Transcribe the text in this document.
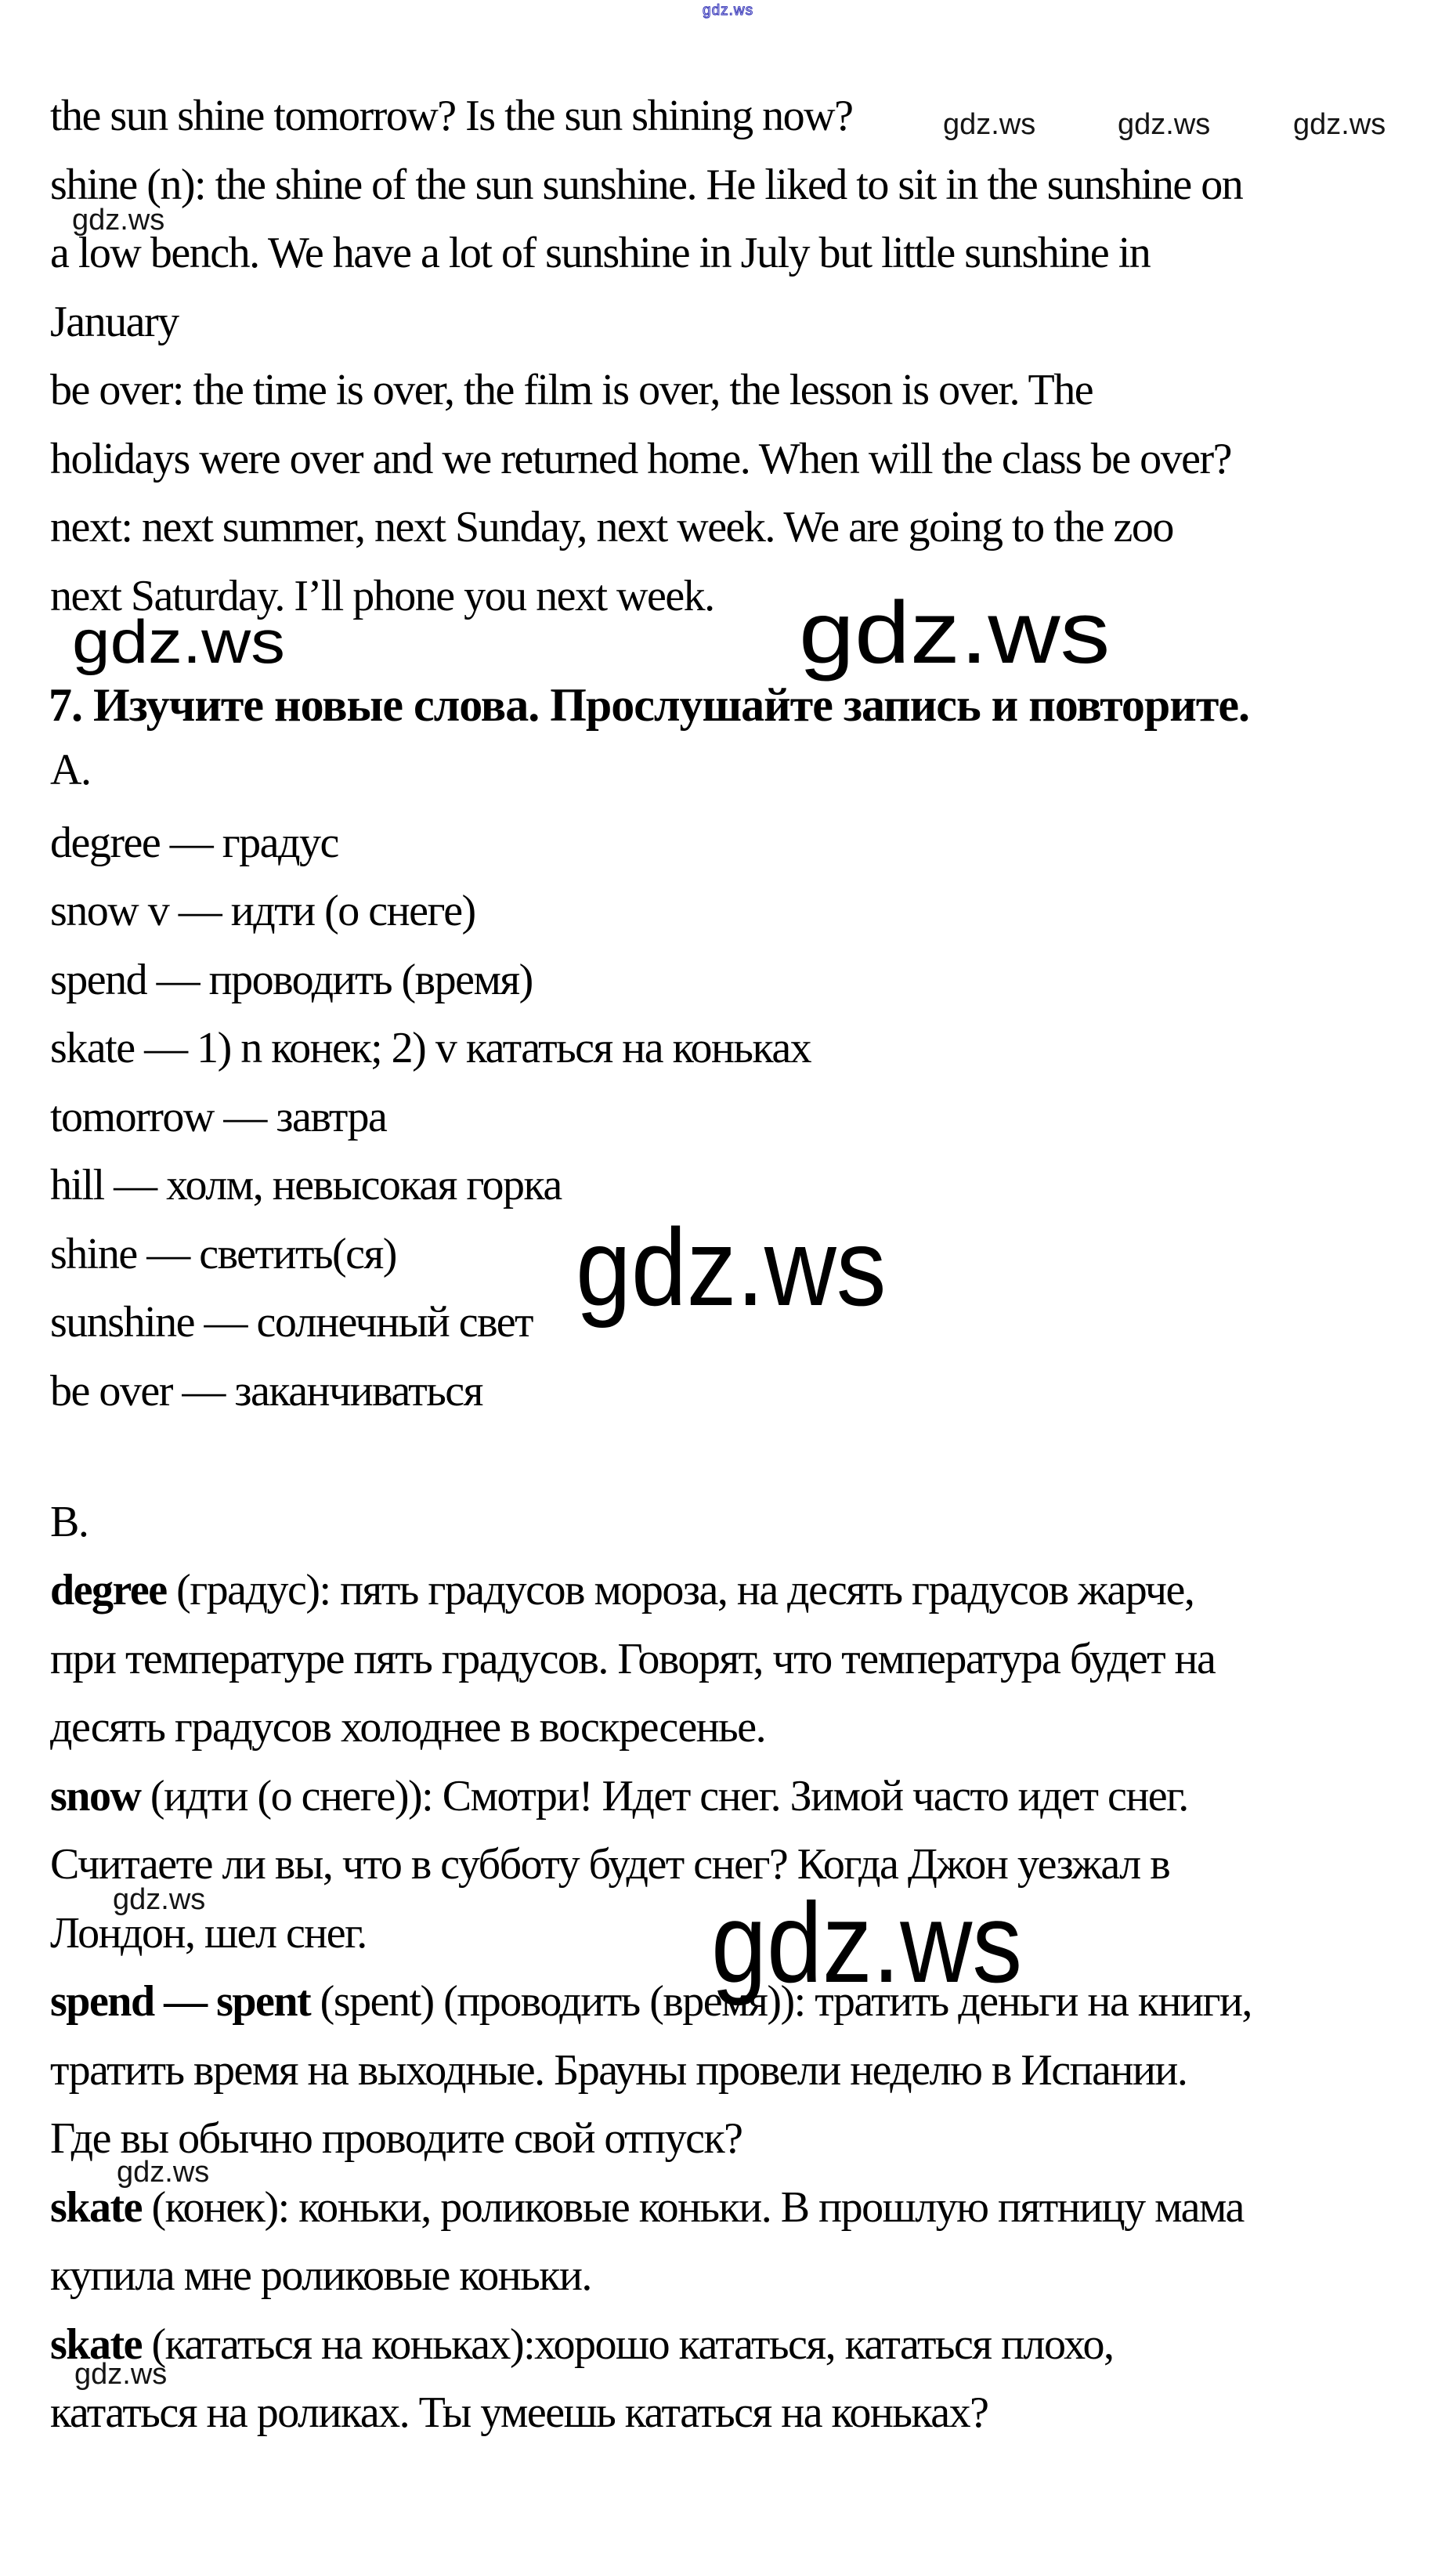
gdz.ws
gdz.ws	gdz.ws	gdz.ws
gdz.ws
gdz.ws	gdz.ws
gdz.ws
gdz.ws
gdz.ws
gdz.ws
gdz.ws
the sun shine tomorrow? Is the sun shining now?
shine (n): the shine of the sun sunshine. He liked to sit in the sunshine on
a low bench. We have a lot of sunshine in July but little sunshine in
January
be over: the time is over, the film is over, the lesson is over. The
holidays were over and we returned home. When will the class be over?
next: next summer, next Sunday, next week. We are going to the zoo
next Saturday. I’ll phone you next week.
7. Изучите новые слова. Прослушайте запись и повторите.
A.
degree — градус
snow v — идти (о снеге)
spend — проводить (время)
skate — 1) n конек; 2) v кататься на коньках
tomorrow — завтра
hill — холм, невысокая горка
shine — светить(ся)
sunshine — солнечный свет
be over — заканчиваться
B.
degree (градус): пять градусов мороза, на десять градусов жарче,
при температуре пять градусов. Говорят, что температура будет на
десять градусов холоднее в воскресенье.
snow (идти (о снеге)): Смотри! Идет снег. Зимой часто идет снег.
Считаете ли вы, что в субботу будет снег? Когда Джон уезжал в
Лондон, шел снег.
spend — spent (spent) (проводить (время)): тратить деньги на книги,
тратить время на выходные. Брауны провели неделю в Испании.
Где вы обычно проводите свой отпуск?
skate (конек): коньки, роликовые коньки. В прошлую пятницу мама
купила мне роликовые коньки.
skate (кататься на коньках):хорошо кататься, кататься плохо,
кататься на роликах. Ты умеешь кататься на коньках?
